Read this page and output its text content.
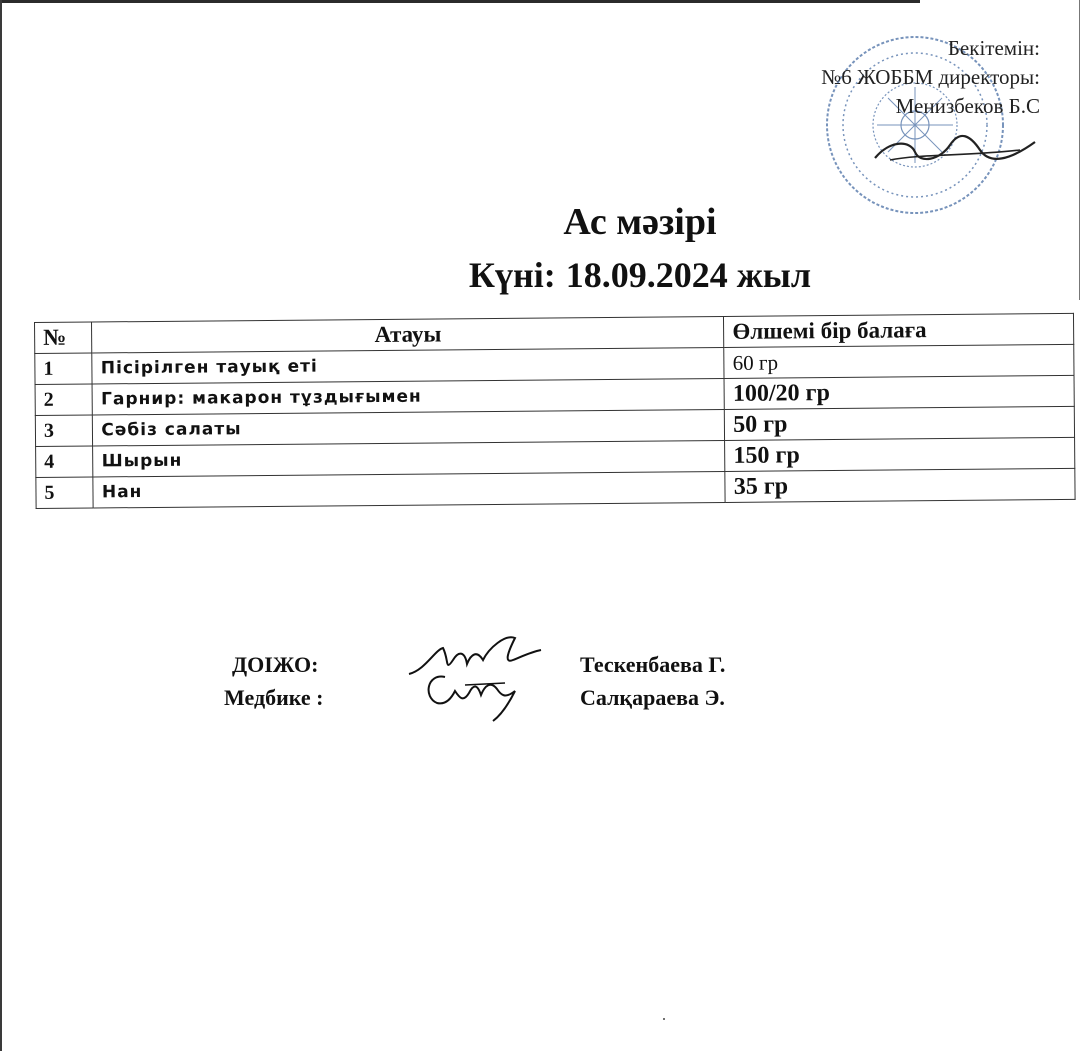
Бекітемін:
№6 ЖОББМ директоры:
Менизбеков Б.С
Ас мәзірі
Күні: 18.09.2024 жыл
№	Атауы	Өлшемі бір балаға
1	Пісірілген тауық еті	60 гр
2	Гарнир: макарон тұздығымен	100/20 гр
3	Сәбіз салаты	50 гр
4	Шырын	150 гр
5	Нан	35 гр
ДОІЖО:	Тескенбаева Г.
Медбике :	Салқараева Э.
